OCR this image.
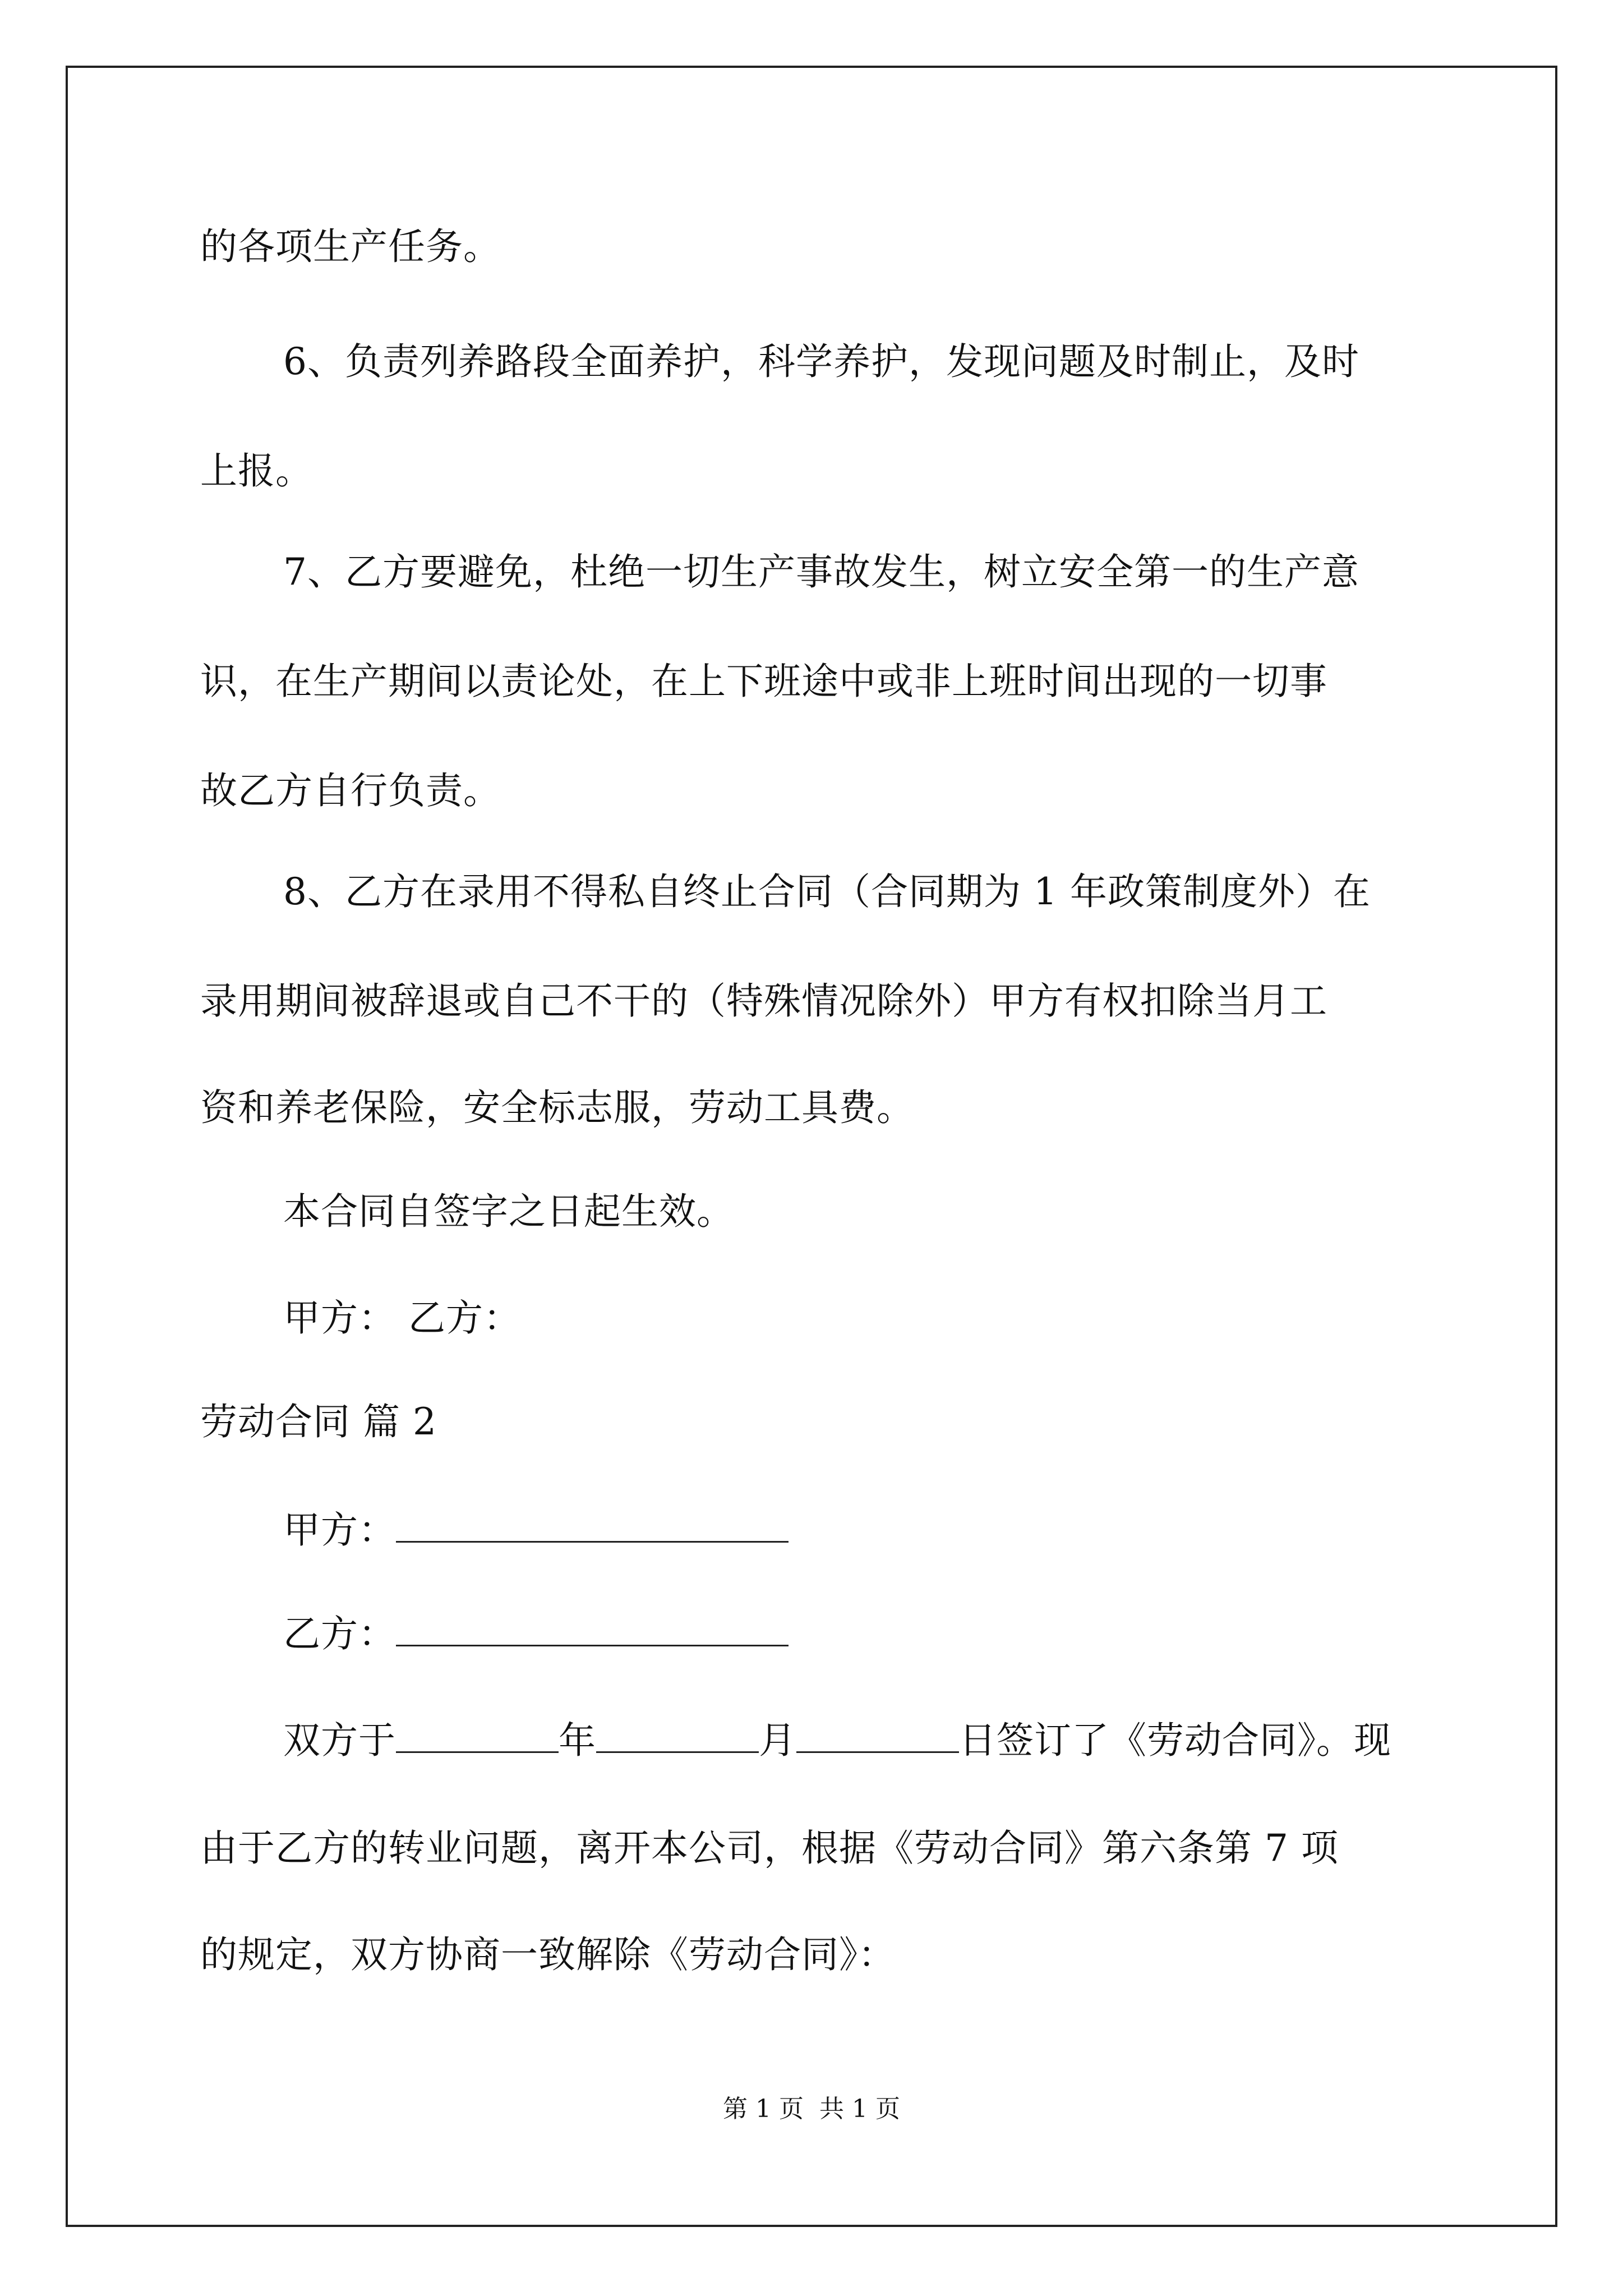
的各项生产任务。
6、负责列养路段全面养护，科学养护，发现问题及时制止，及时
上报。
7、乙方要避免，杜绝一切生产事故发生，树立安全第一的生产意
识，在生产期间以责论处，在上下班途中或非上班时间出现的一切事
故乙方自行负责。
8、乙方在录用不得私自终止合同（合同期为 1 年政策制度外）在
录用期间被辞退或自己不干的（特殊情况除外）甲方有权扣除当月工
资和养老保险，安全标志服，劳动工具费。
本合同自签字之日起生效。
甲方： 乙方：
劳动合同 篇 2
甲方：
乙方：
双方于	年	月	日签订了《劳动合同》。现
由于乙方的转业问题，离开本公司，根据《劳动合同》第六条第 7 项
的规定，双方协商一致解除《劳动合同》：
第 1 页 共 1 页
